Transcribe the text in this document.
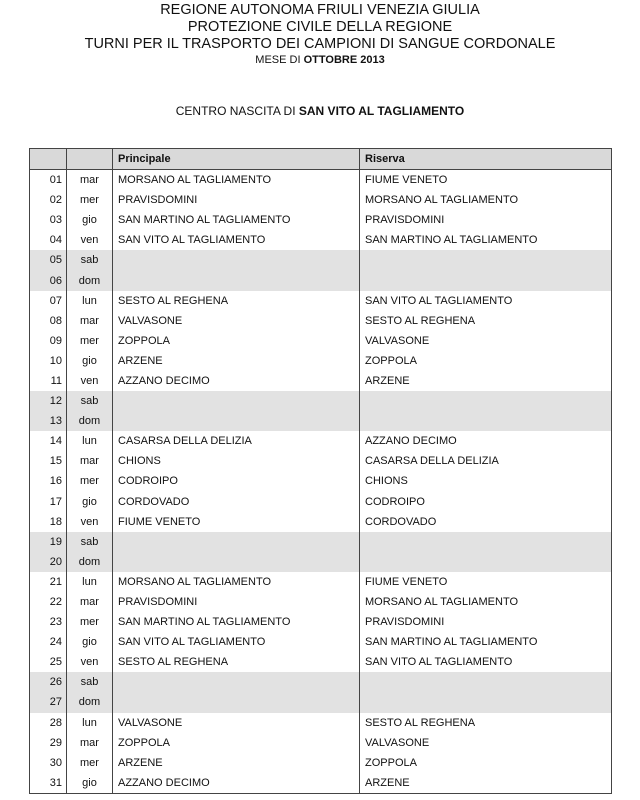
REGIONE AUTONOMA FRIULI VENEZIA GIULIA
PROTEZIONE CIVILE DELLA REGIONE
TURNI PER IL TRASPORTO DEI CAMPIONI DI SANGUE CORDONALE
MESE DI OTTOBRE 2013
CENTRO NASCITA DI SAN VITO AL TAGLIAMENTO
		Principale	Riserva
01	mar	MORSANO AL TAGLIAMENTO	FIUME VENETO
02	mer	PRAVISDOMINI	MORSANO AL TAGLIAMENTO
03	gio	SAN MARTINO AL TAGLIAMENTO	PRAVISDOMINI
04	ven	SAN VITO AL TAGLIAMENTO	SAN MARTINO AL TAGLIAMENTO
05	sab		
06	dom		
07	lun	SESTO AL REGHENA	SAN VITO AL TAGLIAMENTO
08	mar	VALVASONE	SESTO AL REGHENA
09	mer	ZOPPOLA	VALVASONE
10	gio	ARZENE	ZOPPOLA
11	ven	AZZANO DECIMO	ARZENE
12	sab		
13	dom		
14	lun	CASARSA DELLA DELIZIA	AZZANO DECIMO
15	mar	CHIONS	CASARSA DELLA DELIZIA
16	mer	CODROIPO	CHIONS
17	gio	CORDOVADO	CODROIPO
18	ven	FIUME VENETO	CORDOVADO
19	sab		
20	dom		
21	lun	MORSANO AL TAGLIAMENTO	FIUME VENETO
22	mar	PRAVISDOMINI	MORSANO AL TAGLIAMENTO
23	mer	SAN MARTINO AL TAGLIAMENTO	PRAVISDOMINI
24	gio	SAN VITO AL TAGLIAMENTO	SAN MARTINO AL TAGLIAMENTO
25	ven	SESTO AL REGHENA	SAN VITO AL TAGLIAMENTO
26	sab		
27	dom		
28	lun	VALVASONE	SESTO AL REGHENA
29	mar	ZOPPOLA	VALVASONE
30	mer	ARZENE	ZOPPOLA
31	gio	AZZANO DECIMO	ARZENE
